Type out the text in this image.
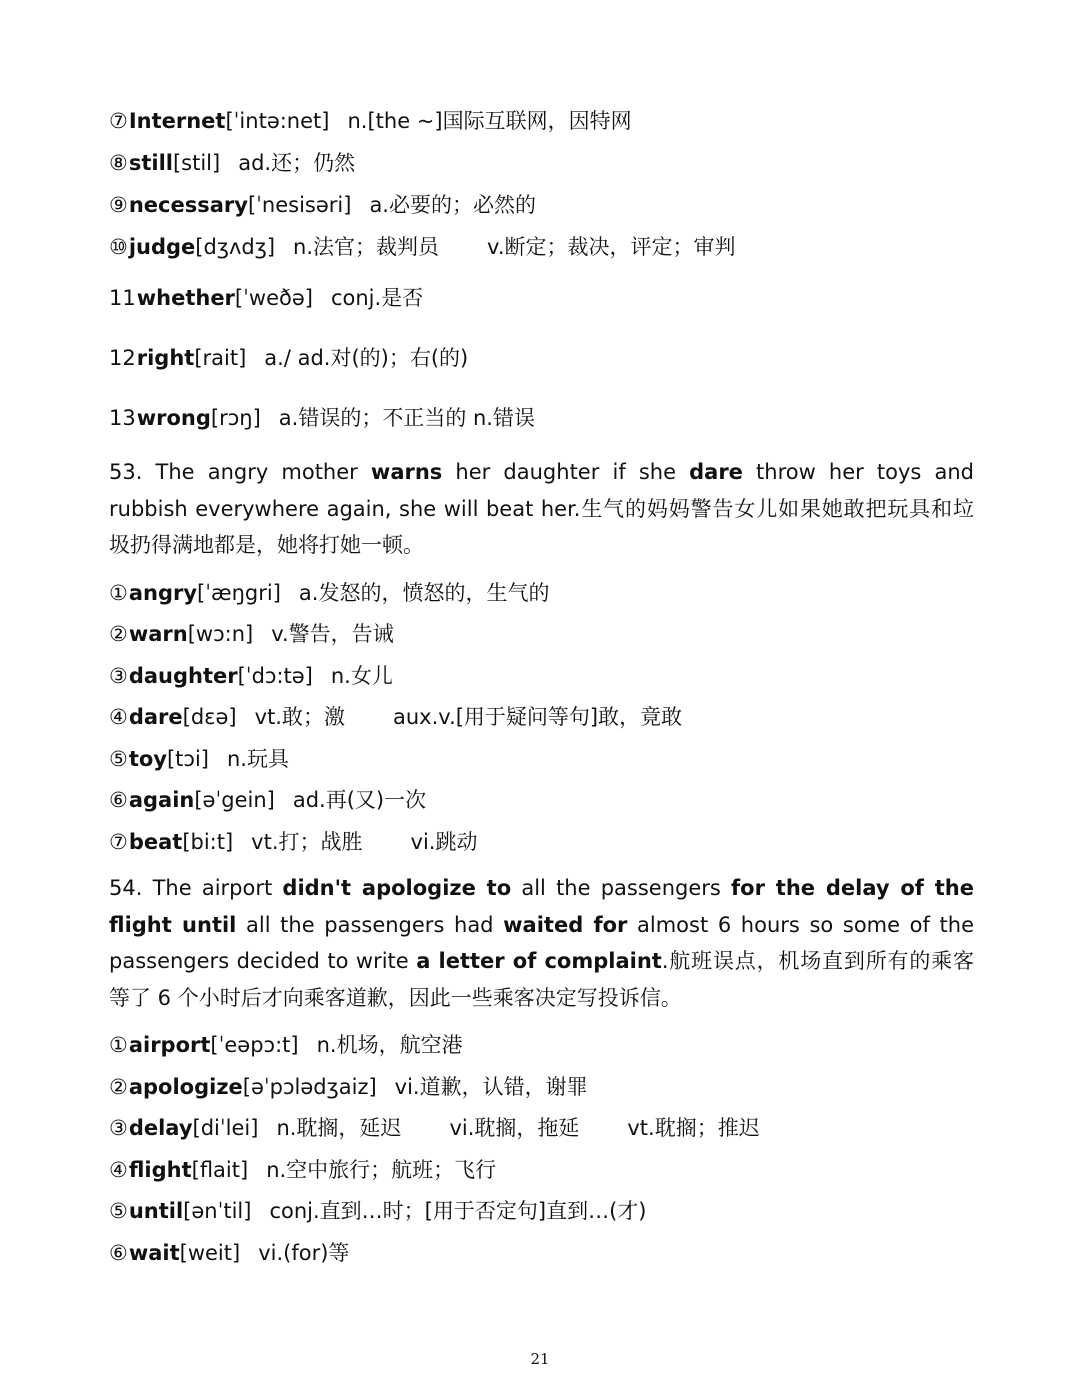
⑦Internet[ˈintə:net] n.[the ~]国际互联网，因特网
⑧still[stil] ad.还；仍然
⑨necessary[ˈnesisəri] a.必要的；必然的
⑩judge[dʒʌdʒ] n.法官；裁判员 v.断定；裁决，评定；审判
11whether[ˈweðə] conj.是否
12right[rait] a./ ad.对(的)；右(的)
13wrong[rɔŋ] a.错误的；不正当的 n.错误
53. The angry mother warns her daughter if she dare throw her toys and rubbish everywhere again, she will beat her.生气的妈妈警告女儿如果她敢把玩具和垃圾扔得满地都是，她将打她一顿。
①angry[ˈæŋgri] a.发怒的，愤怒的，生气的
②warn[wɔ:n] v.警告，告诫
③daughter[ˈdɔ:tə] n.女儿
④dare[dɛə] vt.敢；激 aux.v.[用于疑问等句]敢，竟敢
⑤toy[tɔi] n.玩具
⑥again[əˈgein] ad.再(又)一次
⑦beat[bi:t] vt.打；战胜 vi.跳动
54. The airport didn't apologize to all the passengers for the delay of the flight until all the passengers had waited for almost 6 hours so some of the passengers decided to write a letter of complaint.航班误点，机场直到所有的乘客等了 6 个小时后才向乘客道歉，因此一些乘客决定写投诉信。
①airport[ˈeəpɔ:t] n.机场，航空港
②apologize[əˈpɔlədʒaiz] vi.道歉，认错，谢罪
③delay[diˈlei] n.耽搁，延迟 vi.耽搁，拖延 vt.耽搁；推迟
④flight[flait] n.空中旅行；航班；飞行
⑤until[ənˈtil] conj.直到…时；[用于否定句]直到…(才)
⑥wait[weit] vi.(for)等
21
